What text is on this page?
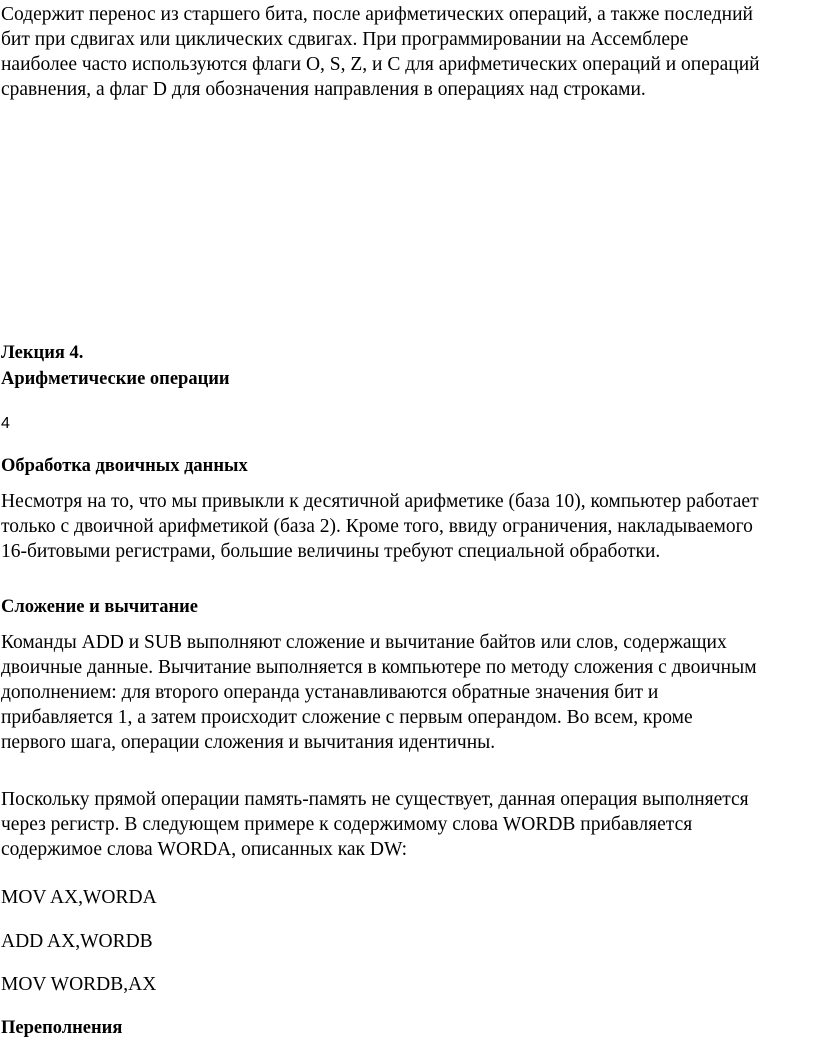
Содержит перенос из старшего бита, после арифметических операций, а также последний
бит при сдвигах или циклических сдвигах. При программировании на Ассемблере
наиболее часто используются флаги O, S, Z, и C для арифметических операций и операций
сравнения, а флаг D для обозначения направления в операциях над строками.
Лекция 4.
Арифметические операции
4
Обработка двоичных данных
Несмотря на то, что мы привыкли к десятичной арифметике (база 10), компьютер работает
только с двоичной арифметикой (база 2). Кроме того, ввиду ограничения, накладываемого
16-битовыми регистрами, большие величины требуют специальной обработки.
Сложение и вычитание
Команды ADD и SUB выполняют сложение и вычитание байтов или слов, содержащих
двоичные данные. Вычитание выполняется в компьютере по методу сложения с двоичным
дополнением: для второго операнда устанавливаются обратные значения бит и
прибавляется 1, а затем происходит сложение с первым операндом. Во всем, кроме
первого шага, операции сложения и вычитания идентичны.
Поскольку прямой операции память-память не существует, данная операция выполняется
через регистр. В следующем примере к содержимому слова WORDB прибавляется
содержимое слова WORDA, описанных как DW:
MOV AX,WORDA
ADD AX,WORDB
MOV WORDB,AX
Переполнения
